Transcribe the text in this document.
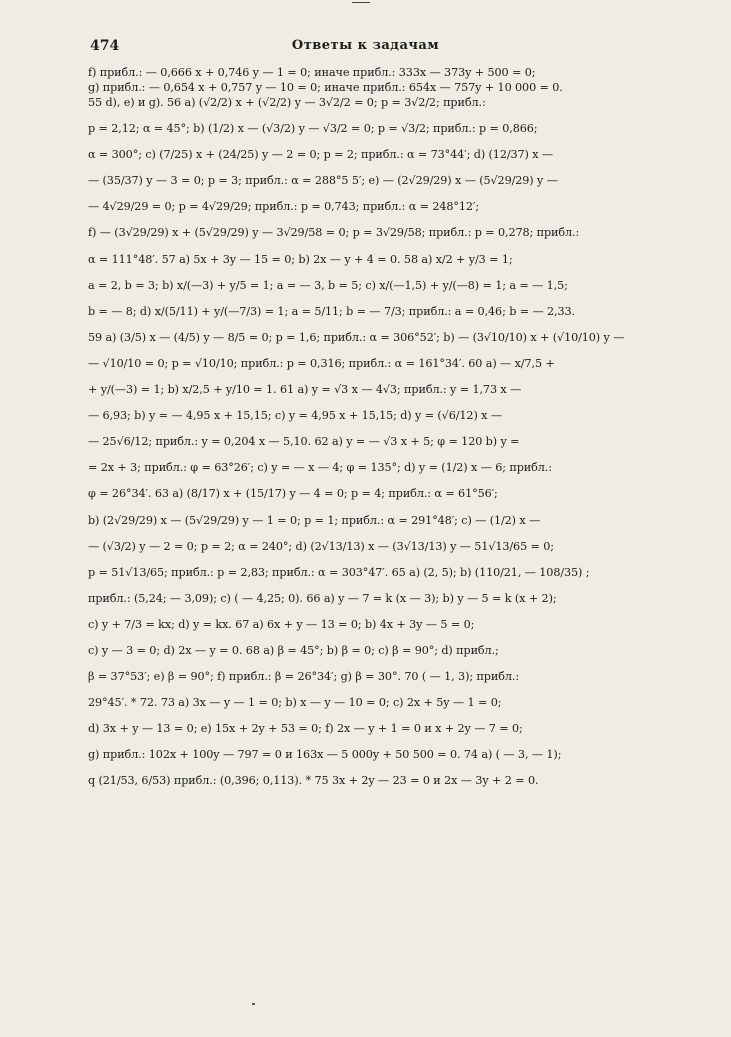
474	Ответы к задачам
f) прибл.: — 0,666 x + 0,746 y — 1 = 0; иначе прибл.: 333x — 373y + 500 = 0;
g) прибл.: — 0,654 x + 0,757 y — 10 = 0; иначе прибл.: 654x — 757y + 10 000 = 0.
55 d), e) и g). 56 a) (√2/2) x + (√2/2) y — 3√2/2 = 0; p = 3√2/2; прибл.:
p = 2,12; α = 45°; b) (1/2) x — (√3/2) y — √3/2 = 0; p = √3/2; прибл.: p = 0,866;
α = 300°; c) (7/25) x + (24/25) y — 2 = 0; p = 2; прибл.: α = 73°44′; d) (12/37) x —
— (35/37) y — 3 = 0; p = 3; прибл.: α = 288°5 5′; e) — (2√29/29) x — (5√29/29) y —
— 4√29/29 = 0; p = 4√29/29; прибл.: p = 0,743; прибл.: α = 248°12′;
f) — (3√29/29) x + (5√29/29) y — 3√29/58 = 0; p = 3√29/58; прибл.: p = 0,278; прибл.:
α = 111°48′. 57 a) 5x + 3y — 15 = 0; b) 2x — y + 4 = 0. 58 a) x/2 + y/3 = 1;
a = 2, b = 3; b) x/(—3) + y/5 = 1; a = — 3, b = 5; c) x/(—1,5) + y/(—8) = 1; a = — 1,5;
b = — 8; d) x/(5/11) + y/(—7/3) = 1; a = 5/11; b = — 7/3; прибл.: a = 0,46; b = — 2,33.
59 a) (3/5) x — (4/5) y — 8/5 = 0; p = 1,6; прибл.: α = 306°52′; b) — (3√10/10) x + (√10/10) y —
— √10/10 = 0; p = √10/10; прибл.: p = 0,316; прибл.: α = 161°34′. 60 a) — x/7,5 +
+ y/(—3) = 1; b) x/2,5 + y/10 = 1. 61 a) y = √3 x — 4√3; прибл.: y = 1,73 x —
— 6,93; b) y = — 4,95 x + 15,15; c) y = 4,95 x + 15,15; d) y = (√6/12) x —
— 25√6/12; прибл.: y = 0,204 x — 5,10. 62 a) y = — √3 x + 5; φ = 120 b) y =
= 2x + 3; прибл.: φ = 63°26′; c) y = — x — 4; φ = 135°; d) y = (1/2) x — 6; прибл.:
φ = 26°34′. 63 a) (8/17) x + (15/17) y — 4 = 0; p = 4; прибл.: α = 61°56′;
b) (2√29/29) x — (5√29/29) y — 1 = 0; p = 1; прибл.: α = 291°48′; c) — (1/2) x —
— (√3/2) y — 2 = 0; p = 2; α = 240°; d) (2√13/13) x — (3√13/13) y — 51√13/65 = 0;
p = 51√13/65; прибл.: p = 2,83; прибл.: α = 303°47′. 65 a) (2, 5); b) (110/21, — 108/35) ;
прибл.: (5,24; — 3,09); c) ( — 4,25; 0). 66 a) y — 7 = k (x — 3); b) y — 5 = k (x + 2);
c) y + 7/3 = kx; d) y = kx. 67 a) 6x + y — 13 = 0; b) 4x + 3y — 5 = 0;
c) y — 3 = 0; d) 2x — y = 0. 68 a) β = 45°; b) β = 0; c) β = 90°; d) прибл.;
β = 37°53′; e) β = 90°; f) прибл.: β = 26°34′; g) β = 30°. 70 ( — 1, 3); прибл.:
29°45′. * 72. 73 a) 3x — y — 1 = 0; b) x — y — 10 = 0; c) 2x + 5y — 1 = 0;
d) 3x + y — 13 = 0; e) 15x + 2y + 53 = 0; f) 2x — y + 1 = 0 и x + 2y — 7 = 0;
g) прибл.: 102x + 100y — 797 = 0 и 163x — 5 000y + 50 500 = 0. 74 a) ( — 3, — 1);
q (21/53, 6/53) прибл.: (0,396; 0,113). * 75 3x + 2y — 23 = 0 и 2x — 3y + 2 = 0.
